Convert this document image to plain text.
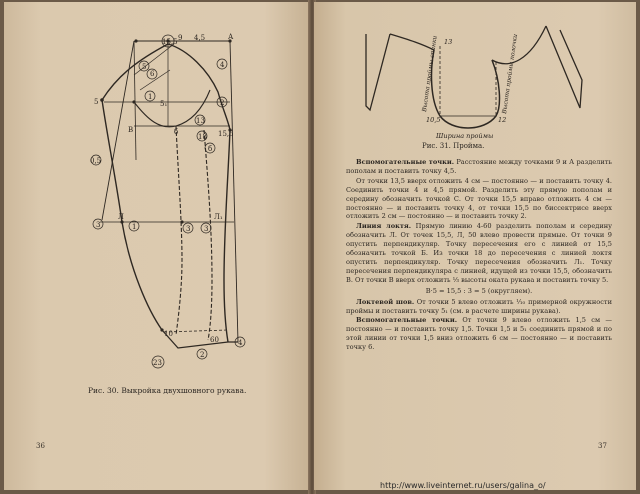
15,5 9 4,5	А
6
5	4
2
1
5	5₁
В	б
13
15,5
18
б
0,5
Л	Л₁
3	1	3 3
10
23
60
2
4
Рис. 30. Выкройка двухшовного рукава.
36
13
Высота проймы спинки	Высота проймы полочки
10,5	12
Ширина проймы
Рис. 31. Пройма.

Вспомогательные точки. Расстояние между точками 9 и А разделить пополам и поставить точку 4,5.

От точки 13,5 вверх отложить 4 см — постоянно — и поставить точку 4. Соединить точки 4 и 4,5 прямой. Разделить эту прямую пополам и середину обозначить точкой С. От точки 15,5 вправо отложить 4 см — постоянно — и поставить точку 4, от точки 15,5 по биссектрисе вверх отложить 2 см — постоянно — и поставить точку 2.

Линия локтя. Прямую линию 4-60 разделить пополам и середину обозначить Л. От точек 15,5, Л, 50 влево провести прямые. От точки 9 опустить перпендикуляр. Точку пересечения его с линией от 15,5 обозначить точкой Б. Из точки 18 до пересечения с линией локтя опустить перпендикуляр. Точку пересечения обозначить Л₁. Точку пересечения перпендикуляра с линией, идущей из точки 15,5, обозначить В. От точки В вверх отложить ⅓ высоты оката рукава и поставить точку 5.

В·5 = 15,5 : 3 = 5 (округляем).

Локтевой шов. От точки 5 влево отложить ⅒ примерной окружности проймы и поставить точку 5₁ (см. в расчете ширины рукава).

Вспомогательные точки. От точки 9 влево отложить 1,5 см — постоянно — и поставить точку 1,5. Точки 1,5 и 5₁ соединить прямой и по этой линии от точки 1,5 вниз отложить 6 см — постоянно — и поставить точку 6.

37
http://www.liveinternet.ru/users/galina_o/
